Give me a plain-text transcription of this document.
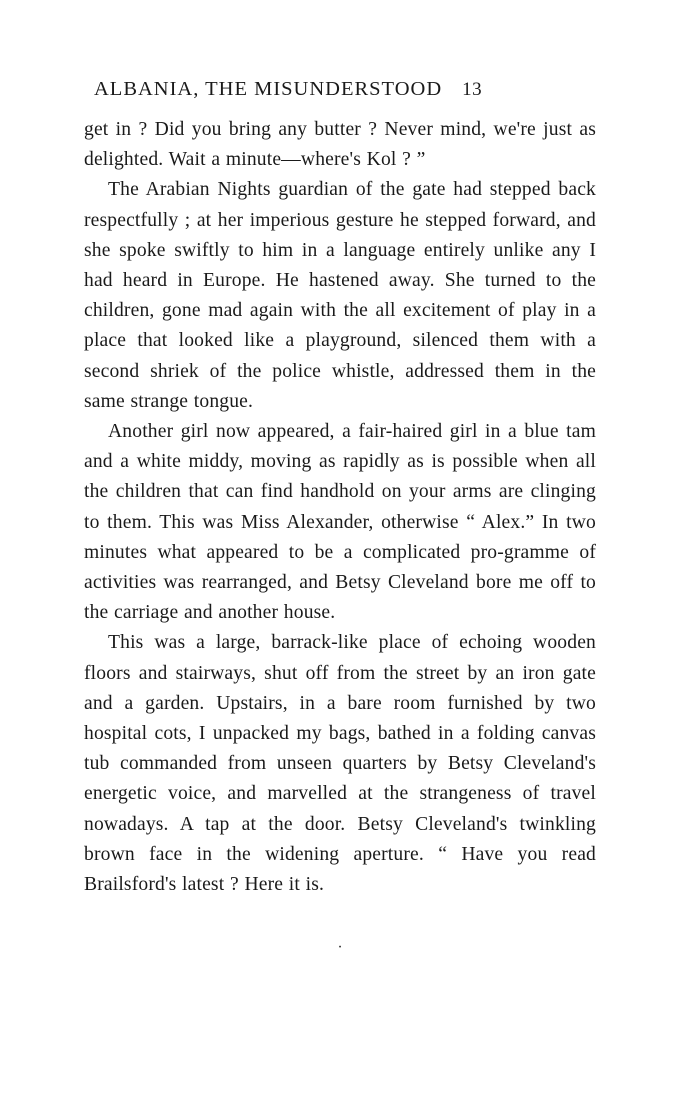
ALBANIA, THE MISUNDERSTOOD 13

get in ? Did you bring any butter ? Never mind, we're just as delighted. Wait a minute—where's Kol ? ”

The Arabian Nights guardian of the gate had stepped back respectfully ; at her imperious gesture he stepped forward, and she spoke swiftly to him in a language entirely unlike any I had heard in Europe. He hastened away. She turned to the children, gone mad again with the all excitement of play in a place that looked like a playground, silenced them with a second shriek of the police whistle, addressed them in the same strange tongue.

Another girl now appeared, a fair-haired girl in a blue tam and a white middy, moving as rapidly as is possible when all the children that can find handhold on your arms are clinging to them. This was Miss Alexander, otherwise “ Alex.” In two minutes what appeared to be a complicated pro-gramme of activities was rearranged, and Betsy Cleveland bore me off to the carriage and another house.

This was a large, barrack-like place of echoing wooden floors and stairways, shut off from the street by an iron gate and a garden. Upstairs, in a bare room furnished by two hospital cots, I unpacked my bags, bathed in a folding canvas tub commanded from unseen quarters by Betsy Cleveland's energetic voice, and marvelled at the strangeness of travel nowadays. A tap at the door. Betsy Cleveland's twinkling brown face in the widening aperture. “ Have you read Brailsford's latest ? Here it is.

·
